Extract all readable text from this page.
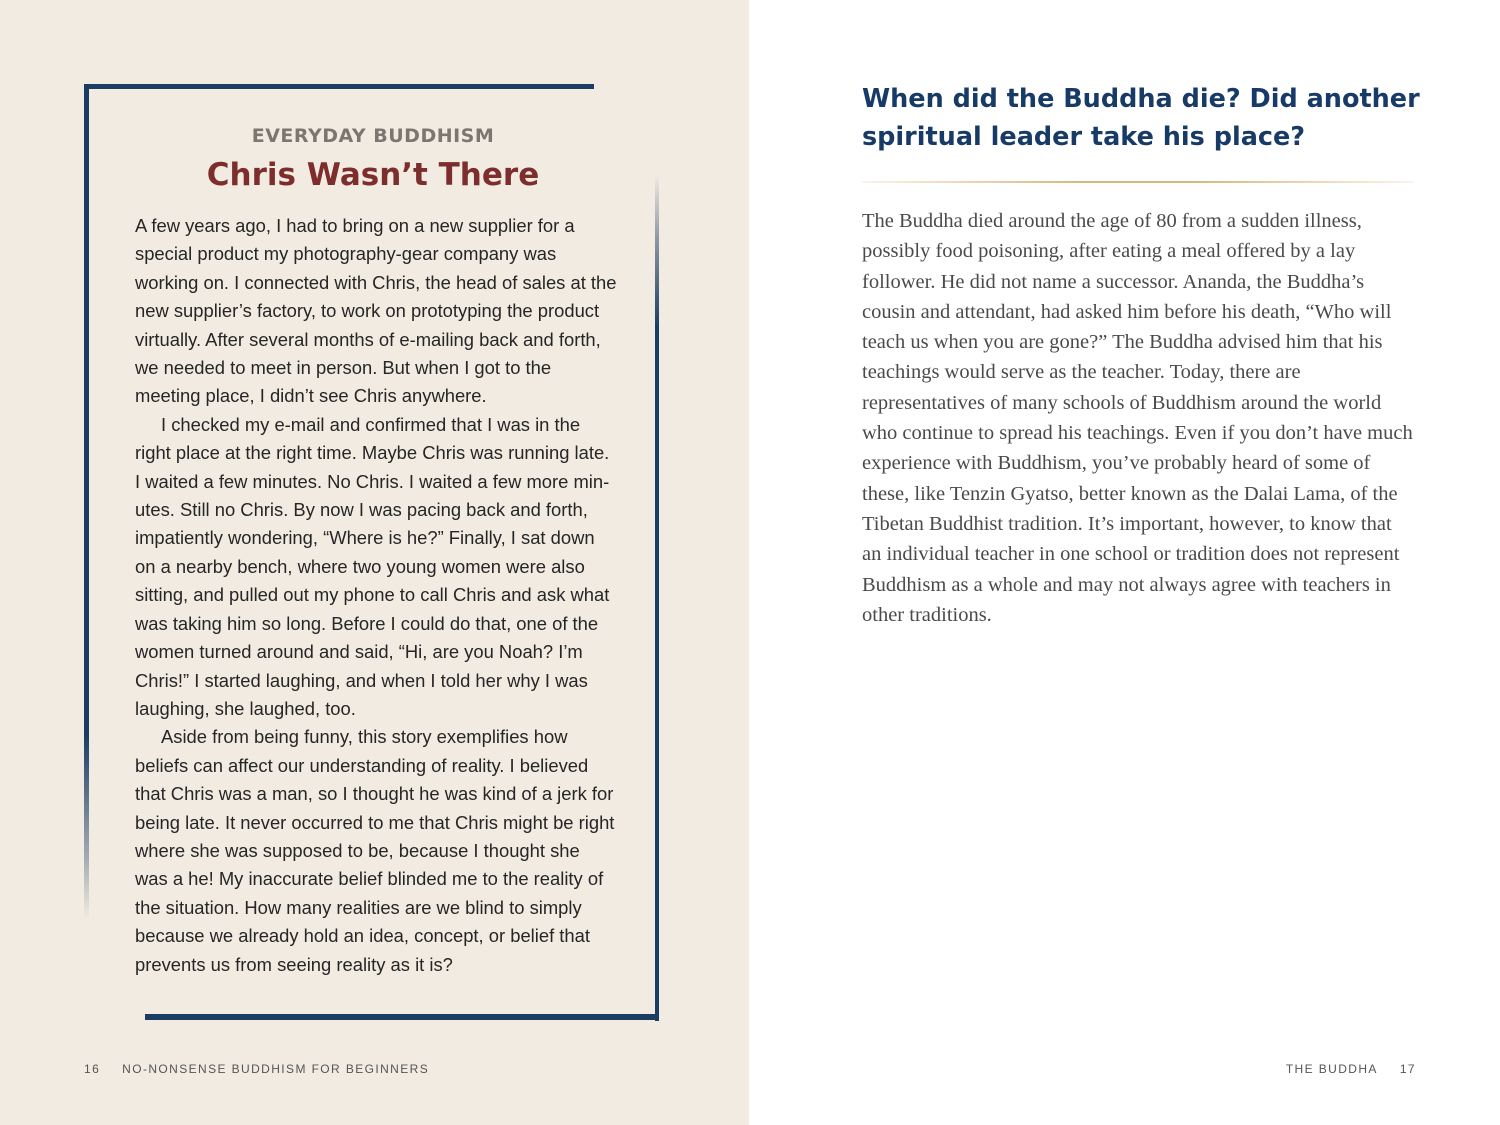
EVERYDAY BUDDHISM
Chris Wasn’t There

A few years ago, I had to bring on a new supplier for a special product my photography-gear company was working on. I connected with Chris, the head of sales at the new supplier’s factory, to work on prototyping the product virtually. After several months of e-mailing back and forth, we needed to meet in person. But when I got to the meeting place, I didn’t see Chris anywhere.

I checked my e-mail and confirmed that I was in the right place at the right time. Maybe Chris was running late. I waited a few minutes. No Chris. I waited a few more minutes. Still no Chris. By now I was pacing back and forth, impatiently wondering, “Where is he?” Finally, I sat down on a nearby bench, where two young women were also sitting, and pulled out my phone to call Chris and ask what was taking him so long. Before I could do that, one of the women turned around and said, “Hi, are you Noah? I’m Chris!” I started laughing, and when I told her why I was laughing, she laughed, too.

Aside from being funny, this story exemplifies how beliefs can affect our understanding of reality. I believed that Chris was a man, so I thought he was kind of a jerk for being late. It never occurred to me that Chris might be right where she was supposed to be, because I thought she was a he! My inaccurate belief blinded me to the reality of the situation. How many realities are we blind to simply because we already hold an idea, concept, or belief that prevents us from seeing reality as it is?

16 NO-NONSENSE BUDDHISM FOR BEGINNERS
When did the Buddha die? Did another spiritual leader take his place?

The Buddha died around the age of 80 from a sudden illness, possibly food poisoning, after eating a meal offered by a lay follower. He did not name a successor. Ananda, the Buddha’s cousin and attendant, had asked him before his death, “Who will teach us when you are gone?” The Buddha advised him that his teachings would serve as the teacher. Today, there are representatives of many schools of Buddhism around the world who continue to spread his teachings. Even if you don’t have much experience with Buddhism, you’ve probably heard of some of these, like Tenzin Gyatso, better known as the Dalai Lama, of the Tibetan Buddhist tradition. It’s important, however, to know that an individual teacher in one school or tradition does not represent Buddhism as a whole and may not always agree with teachers in other traditions.

THE BUDDHA 17
